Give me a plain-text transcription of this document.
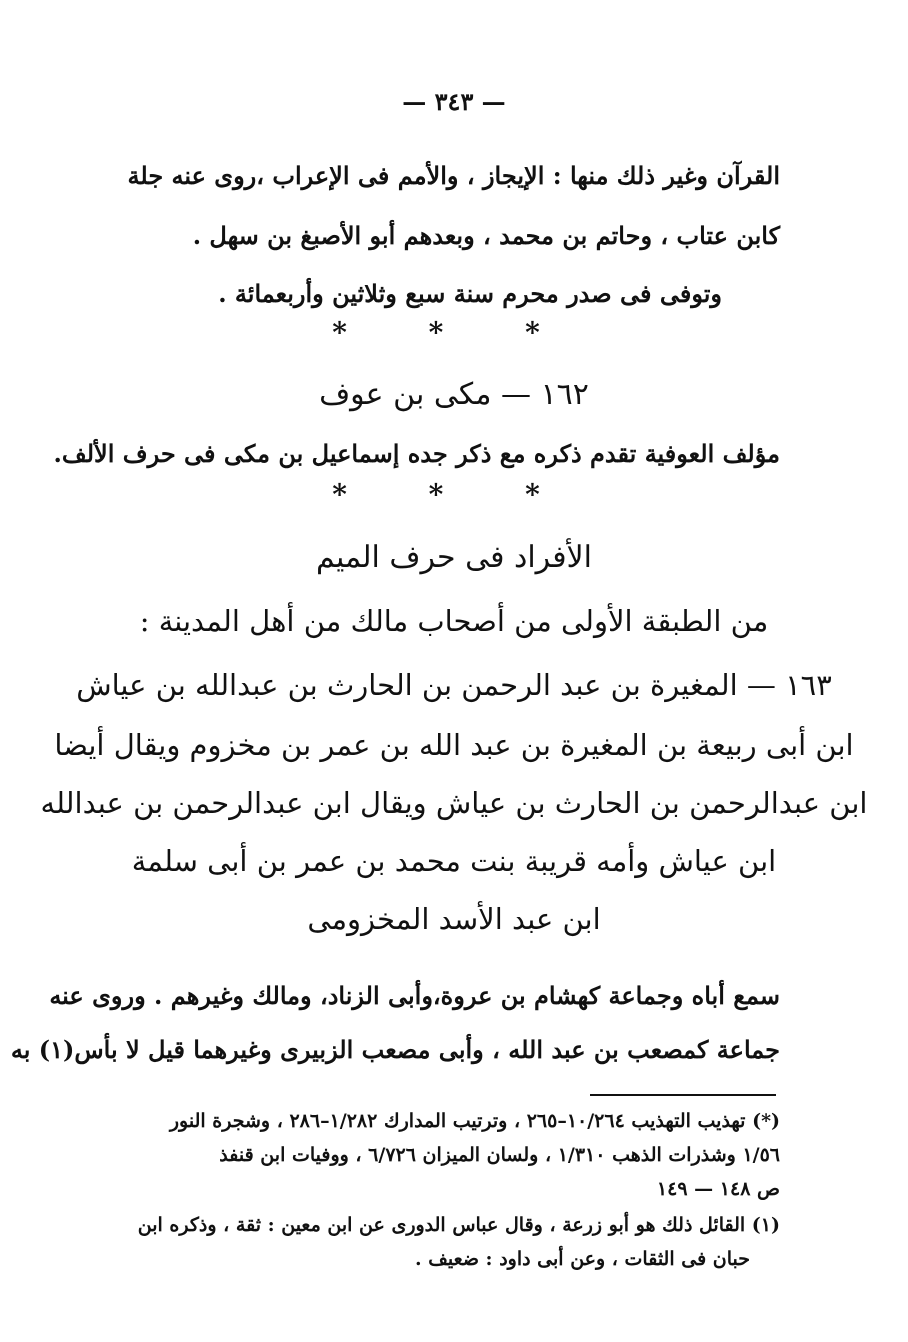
— ٣٤٣ —
القرآن وغير ذلك منها : الإيجاز ، والأمم فى الإعراب ،روى عنه جلة
كابن عتاب ، وحاتم بن محمد ، وبعدهم أبو الأصبغ بن سهل .
وتوفى فى صدر محرم سنة سبع وثلاثين وأربعمائة .
* * *
١٦٢ — مكى بن عوف
مؤلف العوفية تقدم ذكره مع ذكر جده إسماعيل بن مكى فى حرف الألف.
* * *
الأفراد فى حرف الميم
من الطبقة الأولى من أصحاب مالك من أهل المدينة :
١٦٣ — المغيرة بن عبد الرحمن بن الحارث بن عبدالله بن عياش
ابن أبى ربيعة بن المغيرة بن عبد الله بن عمر بن مخزوم ويقال أيضا
ابن عبدالرحمن بن الحارث بن عياش ويقال ابن عبدالرحمن بن عبدالله
ابن عياش وأمه قريبة بنت محمد بن عمر بن أبى سلمة
ابن عبد الأسد المخزومى
سمع أباه وجماعة كهشام بن عروة،وأبى الزناد، ومالك وغيرهم . وروى عنه
جماعة كمصعب بن عبد الله ، وأبى مصعب الزبيرى وغيرهما قيل لا بأس(١) به
(*) تهذيب التهذيب ١٠/٢٦٤–٢٦٥ ، وترتيب المدارك ١/٢٨٢–٢٨٦ ، وشجرة النور
١/٥٦ وشذرات الذهب ١/٣١٠ ، ولسان الميزان ٦/٧٢٦ ، ووفيات ابن قنفذ
ص ١٤٨ — ١٤٩
(١) القائل ذلك هو أبو زرعة ، وقال عباس الدورى عن ابن معين : ثقة ، وذكره ابن
حبان فى الثقات ، وعن أبى داود : ضعيف .
